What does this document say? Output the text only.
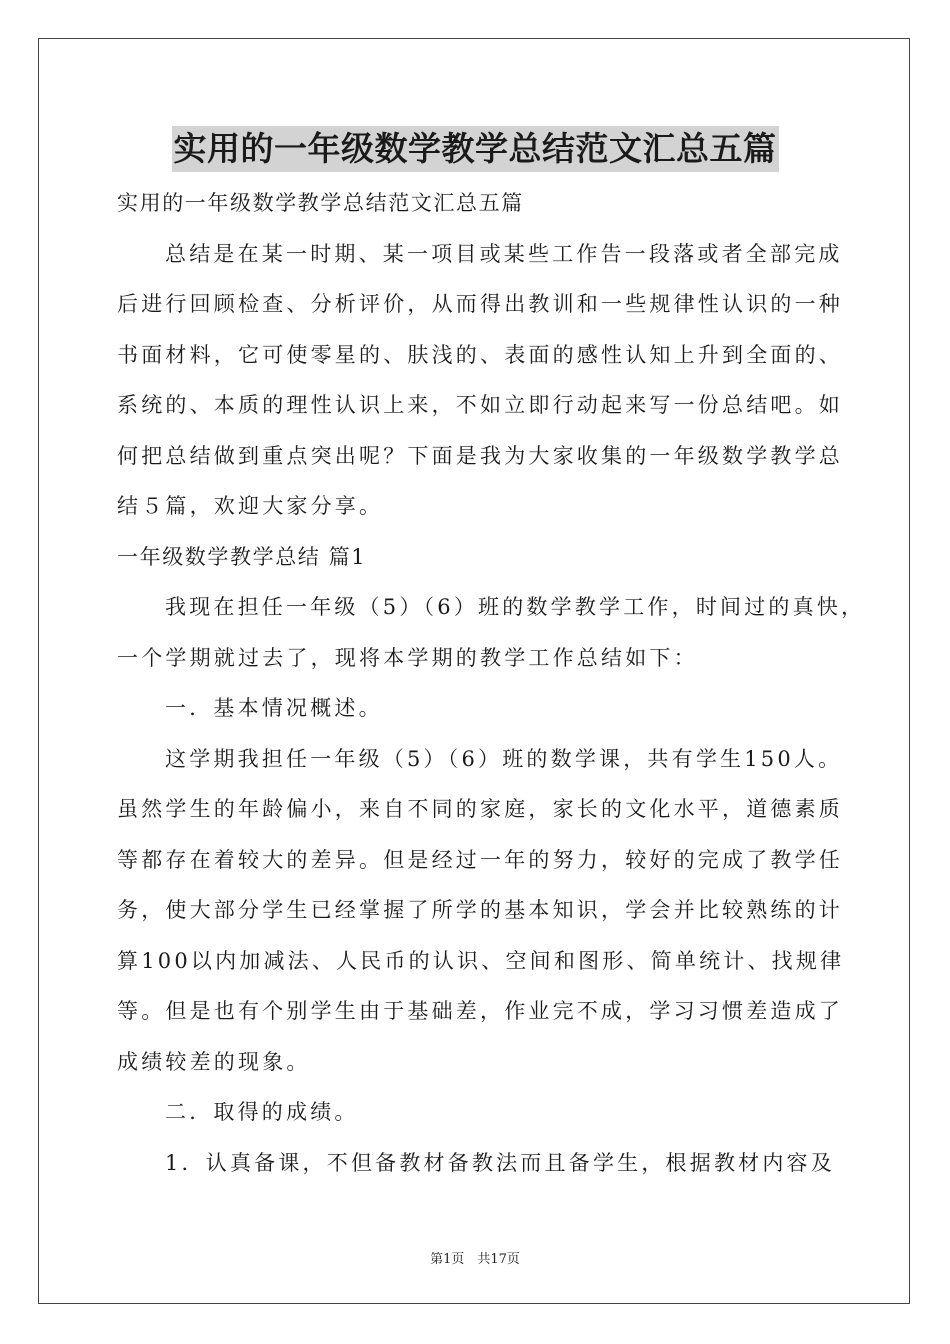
实用的一年级数学教学总结范文汇总五篇
实用的一年级数学教学总结范文汇总五篇
总结是在某一时期、某一项目或某些工作告一段落或者全部完成
后进行回顾检查、分析评价，从而得出教训和一些规律性认识的一种
书面材料，它可使零星的、肤浅的、表面的感性认知上升到全面的、
系统的、本质的理性认识上来，不如立即行动起来写一份总结吧。如
何把总结做到重点突出呢？下面是我为大家收集的一年级数学教学总
结５篇，欢迎大家分享。
一年级数学教学总结 篇1
我现在担任一年级（5）（6）班的数学教学工作，时间过的真快，
一个学期就过去了，现将本学期的教学工作总结如下：
一．基本情况概述。
这学期我担任一年级（5）（6）班的数学课，共有学生150人。
虽然学生的年龄偏小，来自不同的家庭，家长的文化水平，道德素质
等都存在着较大的差异。但是经过一年的努力，较好的完成了教学任
务，使大部分学生已经掌握了所学的基本知识，学会并比较熟练的计
算100以内加减法、人民币的认识、空间和图形、简单统计、找规律
等。但是也有个别学生由于基础差，作业完不成，学习习惯差造成了
成绩较差的现象。
二．取得的成绩。
1．认真备课，不但备教材备教法而且备学生，根据教材内容及
第1页　共17页
